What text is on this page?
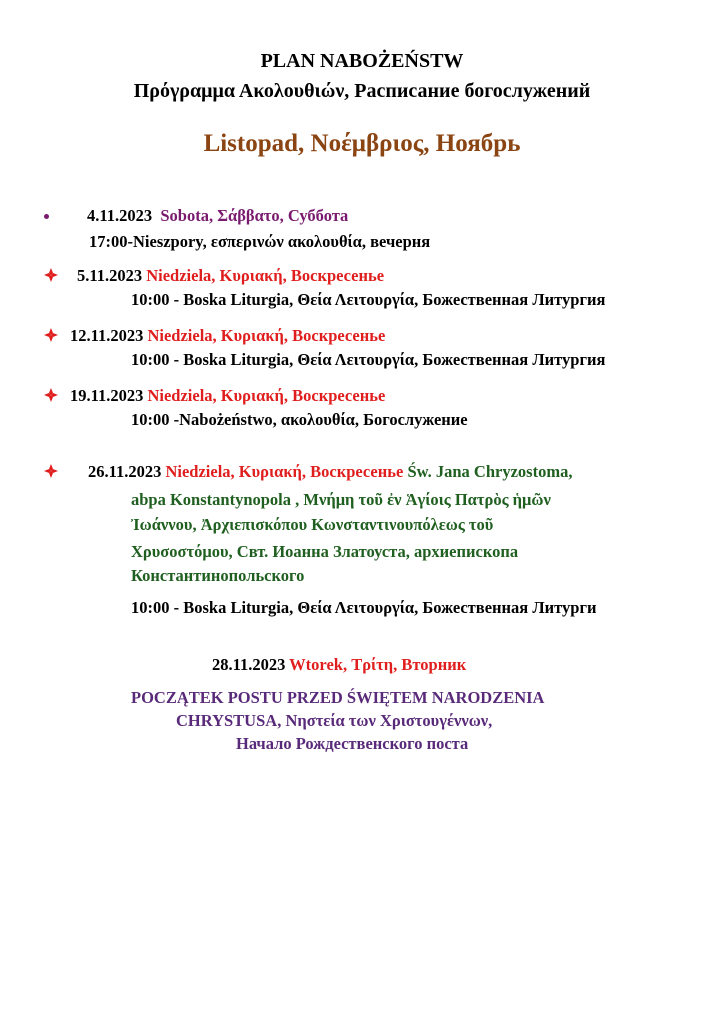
PLAN NABOŻEŃSTW
Πρόγραμμα Ακολουθιών, Расписание богослужений
Listopad, Νοέμβριος, Ноябрь
4.11.2023 Sobota, Σάββατο, Суббота
17:00-Nieszpory, εσπερινών ακολουθία, вечерня
5.11.2023 Niedziela, Κυριακή, Воскресенье
10:00 - Boska Liturgia, Θεία Λειτουργία, Божественная Литургия
12.11.2023 Niedziela, Κυριακή, Воскресенье
10:00 - Boska Liturgia, Θεία Λειτουργία, Божественная Литургия
19.11.2023 Niedziela, Κυριακή, Воскресенье
10:00 -Nabożeństwo, ακολουθία, Богослужение
26.11.2023 Niedziela, Κυριακή, Воскресенье Św. Jana Chryzostoma,
abpa Konstantynopola , Μνήμη τοῦ ἐν Ἁγίοις Πατρὸς ἡμῶν
Ἰωάννου, Ἀρχιεπισκόπου Κωνσταντινουπόλεως τοῦ
Χρυσοστόμου, Свт. Иоанна Златоуста, архиепископа
Константинопольского
10:00 - Boska Liturgia, Θεία Λειτουργία, Божественная Литурги
28.11.2023 Wtorek, Τρίτη, Вторник
POCZĄTEK POSTU PRZED ŚWIĘTEM NARODZENIA
CHRYSTUSA, Νηστεία των Χριστουγέννων,
Начало Рождественского поста
